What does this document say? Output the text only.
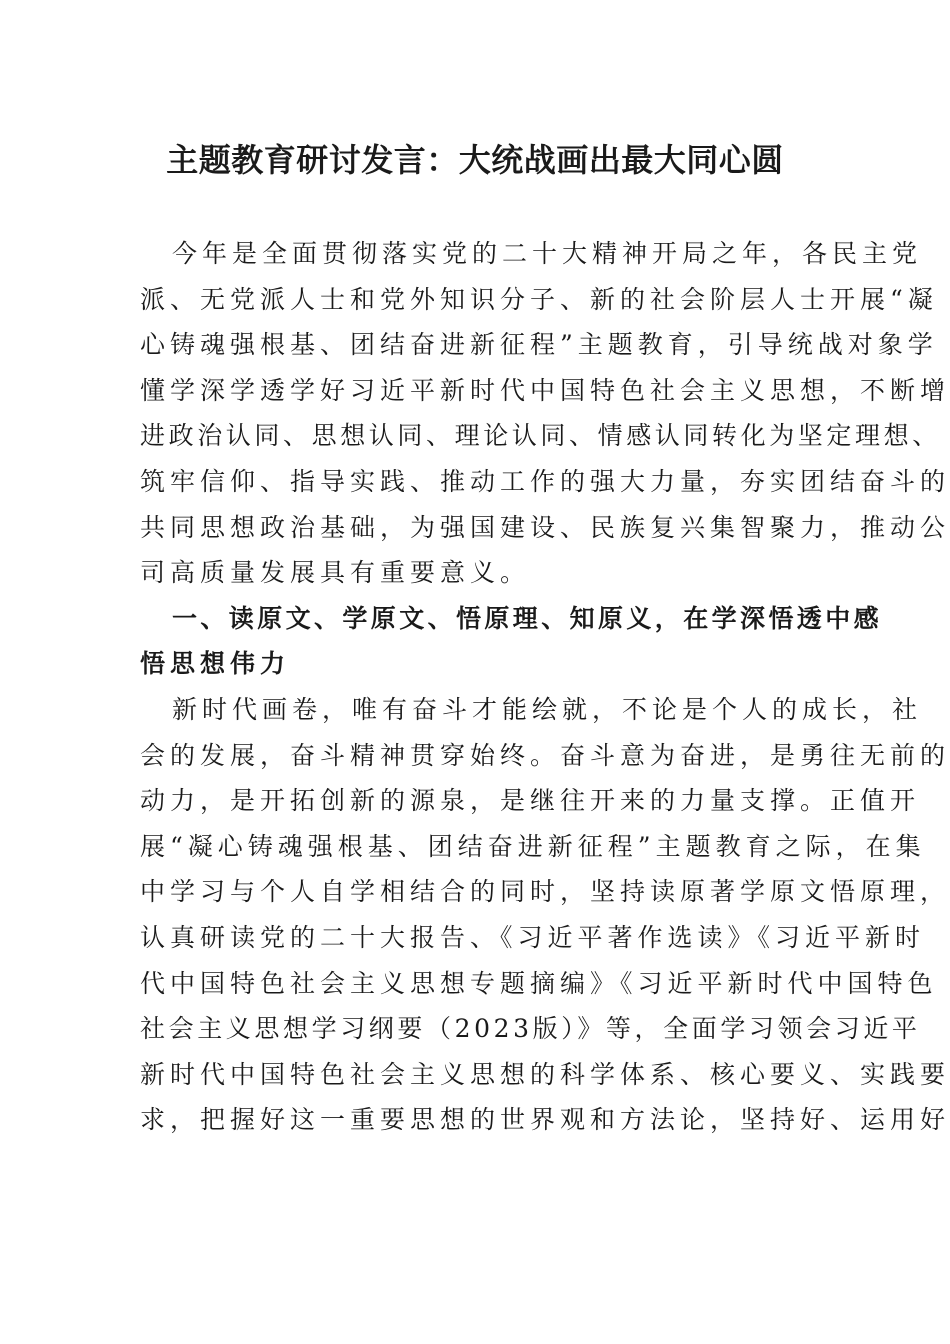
主题教育研讨发言：大统战画出最大同心圆
今年是全面贯彻落实党的二十大精神开局之年，各民主党
派、无党派人士和党外知识分子、新的社会阶层人士开展“凝
心铸魂强根基、团结奋进新征程”主题教育，引导统战对象学
懂学深学透学好习近平新时代中国特色社会主义思想，不断增
进政治认同、思想认同、理论认同、情感认同转化为坚定理想、
筑牢信仰、指导实践、推动工作的强大力量，夯实团结奋斗的
共同思想政治基础，为强国建设、民族复兴集智聚力，推动公
司高质量发展具有重要意义。
一、读原文、学原文、悟原理、知原义，在学深悟透中感
悟思想伟力
新时代画卷，唯有奋斗才能绘就，不论是个人的成长，社
会的发展，奋斗精神贯穿始终。奋斗意为奋进，是勇往无前的
动力，是开拓创新的源泉，是继往开来的力量支撑。正值开
展“凝心铸魂强根基、团结奋进新征程”主题教育之际，在集
中学习与个人自学相结合的同时，坚持读原著学原文悟原理，
认真研读党的二十大报告、《习近平著作选读》《习近平新时
代中国特色社会主义思想专题摘编》《习近平新时代中国特色
社会主义思想学习纲要（2023版）》等，全面学习领会习近平
新时代中国特色社会主义思想的科学体系、核心要义、实践要
求，把握好这一重要思想的世界观和方法论，坚持好、运用好
